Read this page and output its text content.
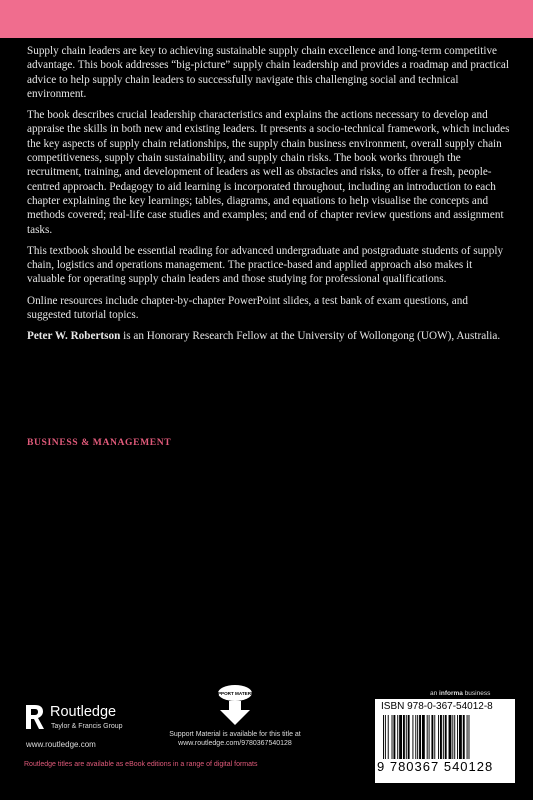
Supply chain leaders are key to achieving sustainable supply chain excellence and long-term competitive advantage. This book addresses “big-picture” supply chain leadership and provides a roadmap and practical advice to help supply chain leaders to successfully navigate this challenging social and technical environment.

The book describes crucial leadership characteristics and explains the actions necessary to develop and appraise the skills in both new and existing leaders. It presents a socio-technical framework, which includes the key aspects of supply chain relationships, the supply chain business environment, overall supply chain competitiveness, supply chain sustainability, and supply chain risks. The book works through the recruitment, training, and development of leaders as well as obstacles and risks, to offer a fresh, people-centred approach. Pedagogy to aid learning is incorporated throughout, including an introduction to each chapter explaining the key learnings; tables, diagrams, and equations to help visualise the concepts and methods covered; real-life case studies and examples; and end of chapter review questions and assignment tasks.

This textbook should be essential reading for advanced undergraduate and postgraduate students of supply chain, logistics and operations management. The practice-based and applied approach also makes it valuable for operating supply chain leaders and those studying for professional qualifications.

Online resources include chapter-by-chapter PowerPoint slides, a test bank of exam questions, and suggested tutorial topics.

Peter W. Robertson is an Honorary Research Fellow at the University of Wollongong (UOW), Australia.

BUSINESS & MANAGEMENT
Routledge
Taylor & Francis Group
www.routledge.com
SUPPORT MATERIAL
Support Material is available for this title at
www.routledge.com/9780367540128
Routledge titles are available as eBook editions in a range of digital formats
an informa business
ISBN 978-0-367-54012-8
9 780367 540128
